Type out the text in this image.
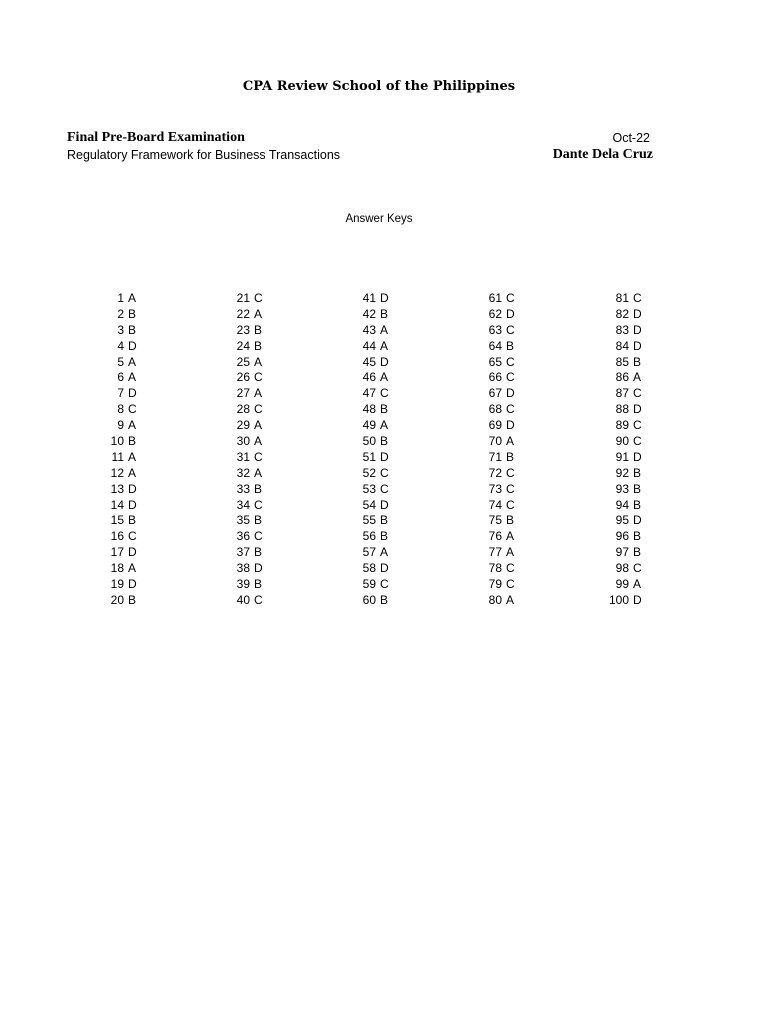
CPA Review School of the Philippines
Final Pre-Board Examination
Regulatory Framework for Business Transactions
Oct-22
Dante Dela Cruz
Answer Keys
1 A
2 B
3 B
4 D
5 A
6 A
7 D
8 C
9 A
10 B
11 A
12 A
13 D
14 D
15 B
16 C
17 D
18 A
19 D
20 B
21 C
22 A
23 B
24 B
25 A
26 C
27 A
28 C
29 A
30 A
31 C
32 A
33 B
34 C
35 B
36 C
37 B
38 D
39 B
40 C
41 D
42 B
43 A
44 A
45 D
46 A
47 C
48 B
49 A
50 B
51 D
52 C
53 C
54 D
55 B
56 B
57 A
58 D
59 C
60 B
61 C
62 D
63 C
64 B
65 C
66 C
67 D
68 C
69 D
70 A
71 B
72 C
73 C
74 C
75 B
76 A
77 A
78 C
79 C
80 A
81 C
82 D
83 D
84 D
85 B
86 A
87 C
88 D
89 C
90 C
91 D
92 B
93 B
94 B
95 D
96 B
97 B
98 C
99 A
100 D
